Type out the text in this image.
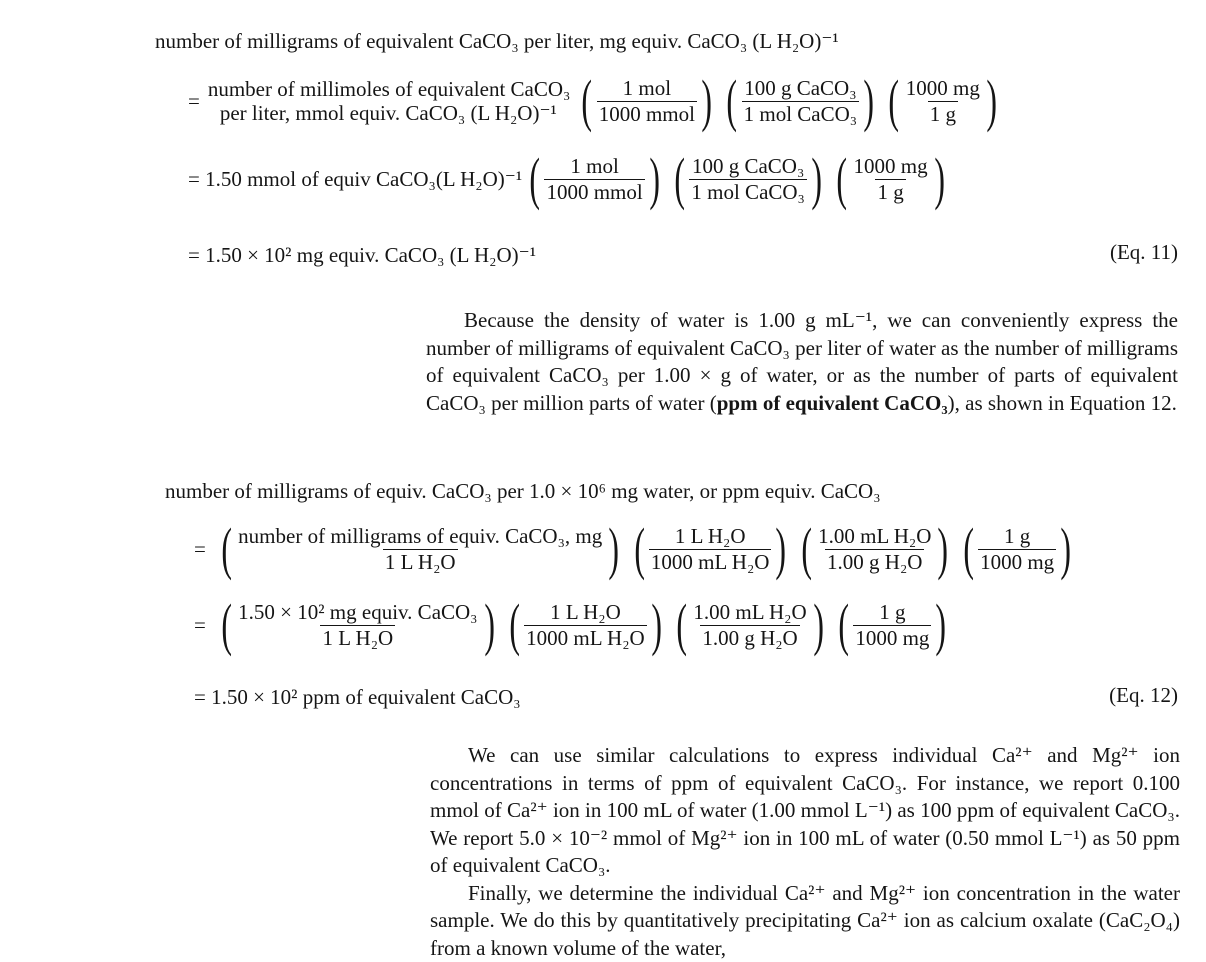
number of milligrams of equivalent CaCO₃ per liter, mg equiv. CaCO₃ (L H₂O)⁻¹
= number of millimoles of equivalent CaCO₃
per liter, mmol equiv. CaCO₃ (L H₂O)⁻¹ ( $\frac{\text{1 mol}}{\text{1000 mmol}}$
) ( $\frac{\text{100 g CaCO₃}}{\text{1 mol CaCO₃}}$
) ( $\frac{1000 mg}{1 g}$
)
= 1.50 mmol of equiv CaCO₃(L H₂O)⁻¹ ( $\frac{\text{1 mol}}{\text{1000 mmol}}$
) ( $\frac{\text{100 g CaCO₃}}{\text{1 mol CaCO₃}}$
) ( $\frac{1000 mg}{1 g}$
)
= 1.50 × 10² mg equiv. CaCO₃ (L H₂O)⁻¹	(Eq. 11)

Because the density of water is 1.00 g mL⁻¹, we can conveniently express the number of milligrams of equivalent CaCO₃ per liter of water as the number of milligrams of equivalent CaCO₃ per 1.00 × g of water, or as the number of parts of equivalent CaCO₃ per million parts of water (ppm of equivalent CaCO₃), as shown in Equation 12.

number of milligrams of equiv. CaCO₃ per 1.0 × 10⁶ mg water, or ppm equiv. CaCO₃
= ( $\frac{\text{number of milligrams of equiv. CaCO₃, mg}}{\text{1 L H₂O}}$
) ( $\frac{\text{1 L H₂O}}{\text{1000 mL H₂O}}$
) ( $\frac{\text{1.00 mL H₂O}}{\text{1.00 g H₂O}}$
) ( $\frac{1 g}{1000 mg}$
)
= ( $\frac{\text{1.50 × 10² mg equiv. CaCO₃}}{\text{1 L H₂O}}$
) ( $\frac{\text{1 L H₂O}}{\text{1000 mL H₂O}}$
) ( $\frac{\text{1.00 mL H₂O}}{\text{1.00 g H₂O}}$
) ( $\frac{1 g}{1000 mg}$
)
= 1.50 × 10² ppm of equivalent CaCO₃	(Eq. 12)

We can use similar calculations to express individual Ca²⁺ and Mg²⁺ ion concentrations in terms of ppm of equivalent CaCO₃. For instance, we report 0.100 mmol of Ca²⁺ ion in 100 mL of water (1.00 mmol L⁻¹) as 100 ppm of equivalent CaCO₃. We report 5.0 × 10⁻² mmol of Mg²⁺ ion in 100 mL of water (0.50 mmol L⁻¹) as 50 ppm of equivalent CaCO₃.

Finally, we determine the individual Ca²⁺ and Mg²⁺ ion concentration in the water sample. We do this by quantitatively precipitating Ca²⁺ ion as calcium oxalate (CaC₂O₄) from a known volume of the water,
